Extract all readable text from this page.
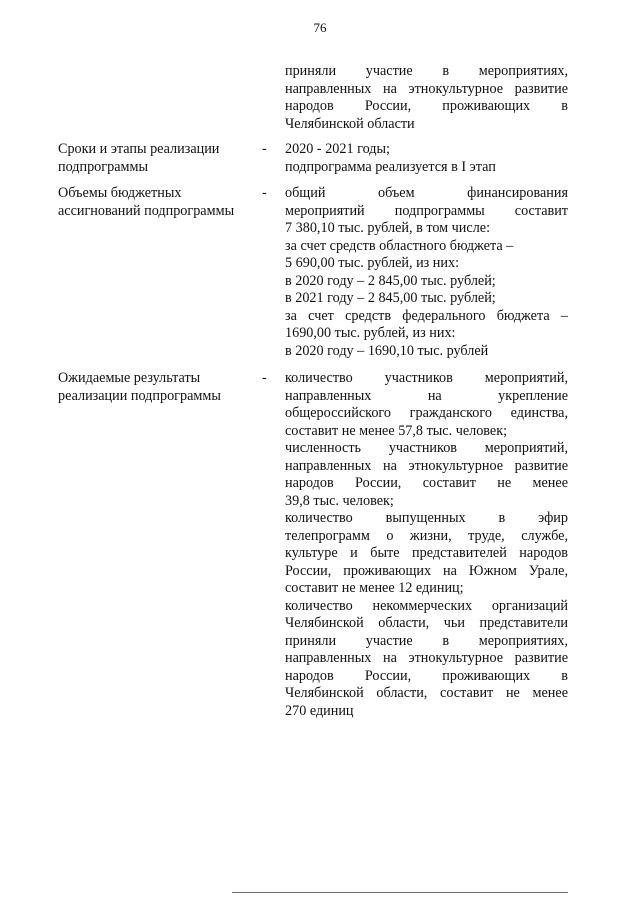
76
приняли участие в мероприятиях,
направленных на этнокультурное развитие
народов России, проживающих в
Челябинской области
Сроки и этапы реализации
подпрограммы
- 2020 - 2021 годы;
подпрограмма реализуется в I этап
Объемы бюджетных
ассигнований подпрограммы
- общий объем финансирования
мероприятий подпрограммы составит
7 380,10 тыс. рублей, в том числе:
за счет средств областного бюджета –
5 690,00 тыс. рублей, из них:
в 2020 году – 2 845,00 тыс. рублей;
в 2021 году – 2 845,00 тыс. рублей;
за счет средств федерального бюджета –
1690,00 тыс. рублей, из них:
в 2020 году – 1690,10 тыс. рублей
Ожидаемые результаты
реализации подпрограммы
- количество участников мероприятий,
направленных на укрепление
общероссийского гражданского единства,
составит не менее 57,8 тыс. человек;
численность участников мероприятий,
направленных на этнокультурное развитие
народов России, составит не менее
39,8 тыс. человек;
количество выпущенных в эфир
телепрограмм о жизни, труде, службе,
культуре и быте представителей народов
России, проживающих на Южном Урале,
составит не менее 12 единиц;
количество некоммерческих организаций
Челябинской области, чьи представители
приняли участие в мероприятиях,
направленных на этнокультурное развитие
народов России, проживающих в
Челябинской области, составит не менее
270 единиц
